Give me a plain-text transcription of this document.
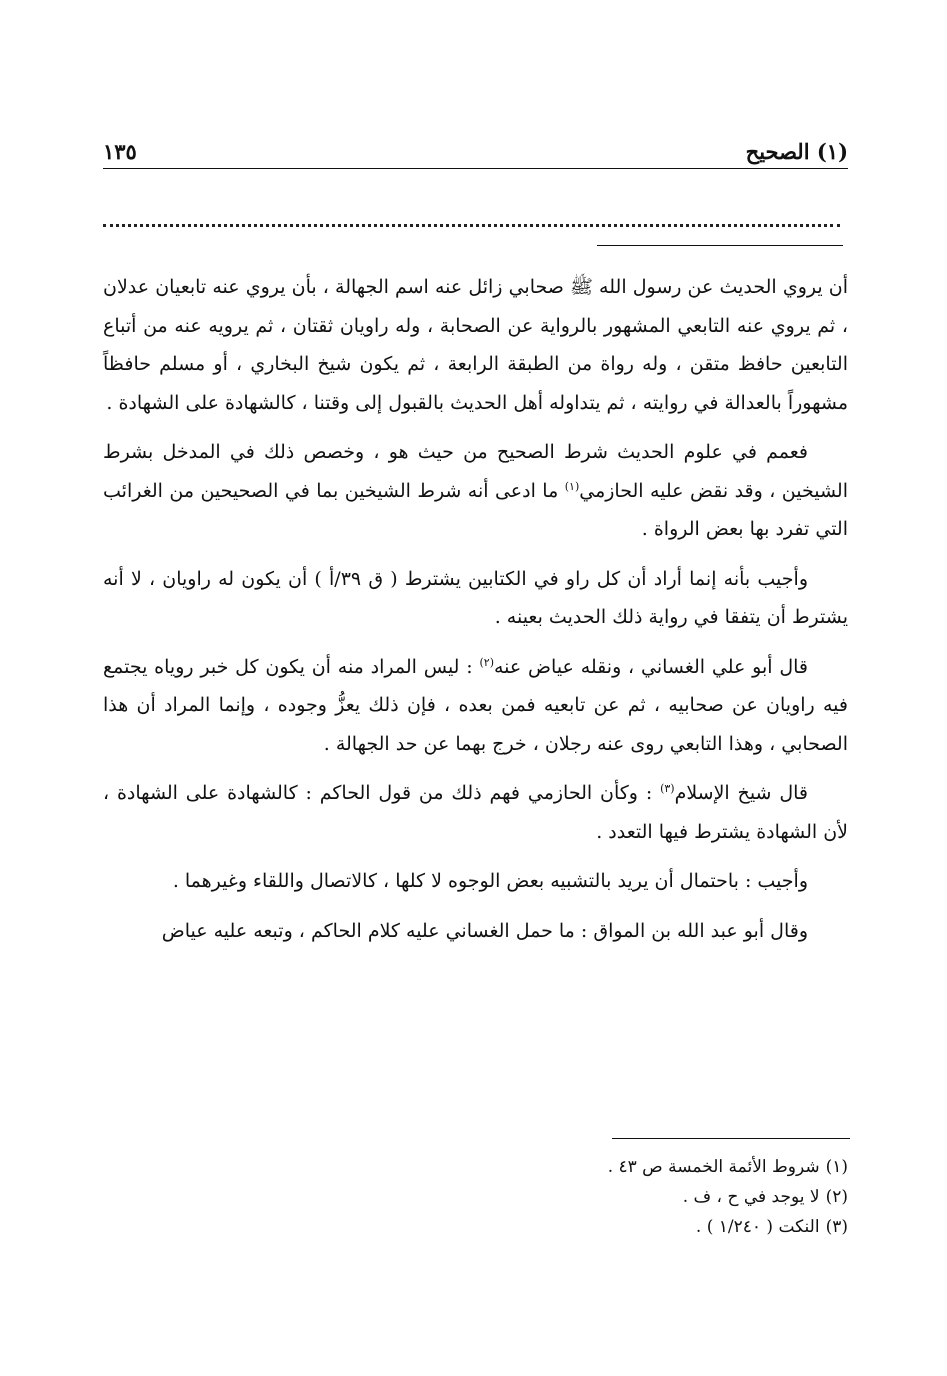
(١) الصحيح
١٣٥

أن يروي الحديث عن رسول الله ﷺ صحابي زائل عنه اسم الجهالة ، بأن يروي عنه تابعيان عدلان ، ثم يروي عنه التابعي المشهور بالرواية عن الصحابة ، وله راويان ثقتان ، ثم يرويه عنه من أتباع التابعين حافظ متقن ، وله رواة من الطبقة الرابعة ، ثم يكون شيخ البخاري ، أو مسلم حافظاً مشهوراً بالعدالة في روايته ، ثم يتداوله أهل الحديث بالقبول إلى وقتنا ، كالشهادة على الشهادة .

فعمم في علوم الحديث شرط الصحيح من حيث هو ، وخصص ذلك في المدخل بشرط الشيخين ، وقد نقض عليه الحازمي$^{(١)}$ ما ادعى أنه شرط الشيخين بما في الصحيحين من الغرائب التي تفرد بها بعض الرواة .

وأجيب بأنه إنما أراد أن كل راو في الكتابين يشترط ( ق ٣٩/أ ) أن يكون له راويان ، لا أنه يشترط أن يتفقا في رواية ذلك الحديث بعينه .

قال أبو علي الغساني ، ونقله عياض عنه$^{(٢)}$ : ليس المراد منه أن يكون كل خبر روياه يجتمع فيه راويان عن صحابيه ، ثم عن تابعيه فمن بعده ، فإن ذلك يعزُّ وجوده ، وإنما المراد أن هذا الصحابي ، وهذا التابعي روى عنه رجلان ، خرج بهما عن حد الجهالة .

قال شيخ الإسلام$^{(٣)}$ : وكأن الحازمي فهم ذلك من قول الحاكم : كالشهادة على الشهادة ، لأن الشهادة يشترط فيها التعدد .

وأجيب : باحتمال أن يريد بالتشبيه بعض الوجوه لا كلها ، كالاتصال واللقاء وغيرهما .

وقال أبو عبد الله بن المواق : ما حمل الغساني عليه كلام الحاكم ، وتبعه عليه عياض

(١)شروط الأئمة الخمسة ص ٤٣ .
(٢)لا يوجد في ح ، ف .
(٣)النكت ( ١/٢٤٠ ) .
